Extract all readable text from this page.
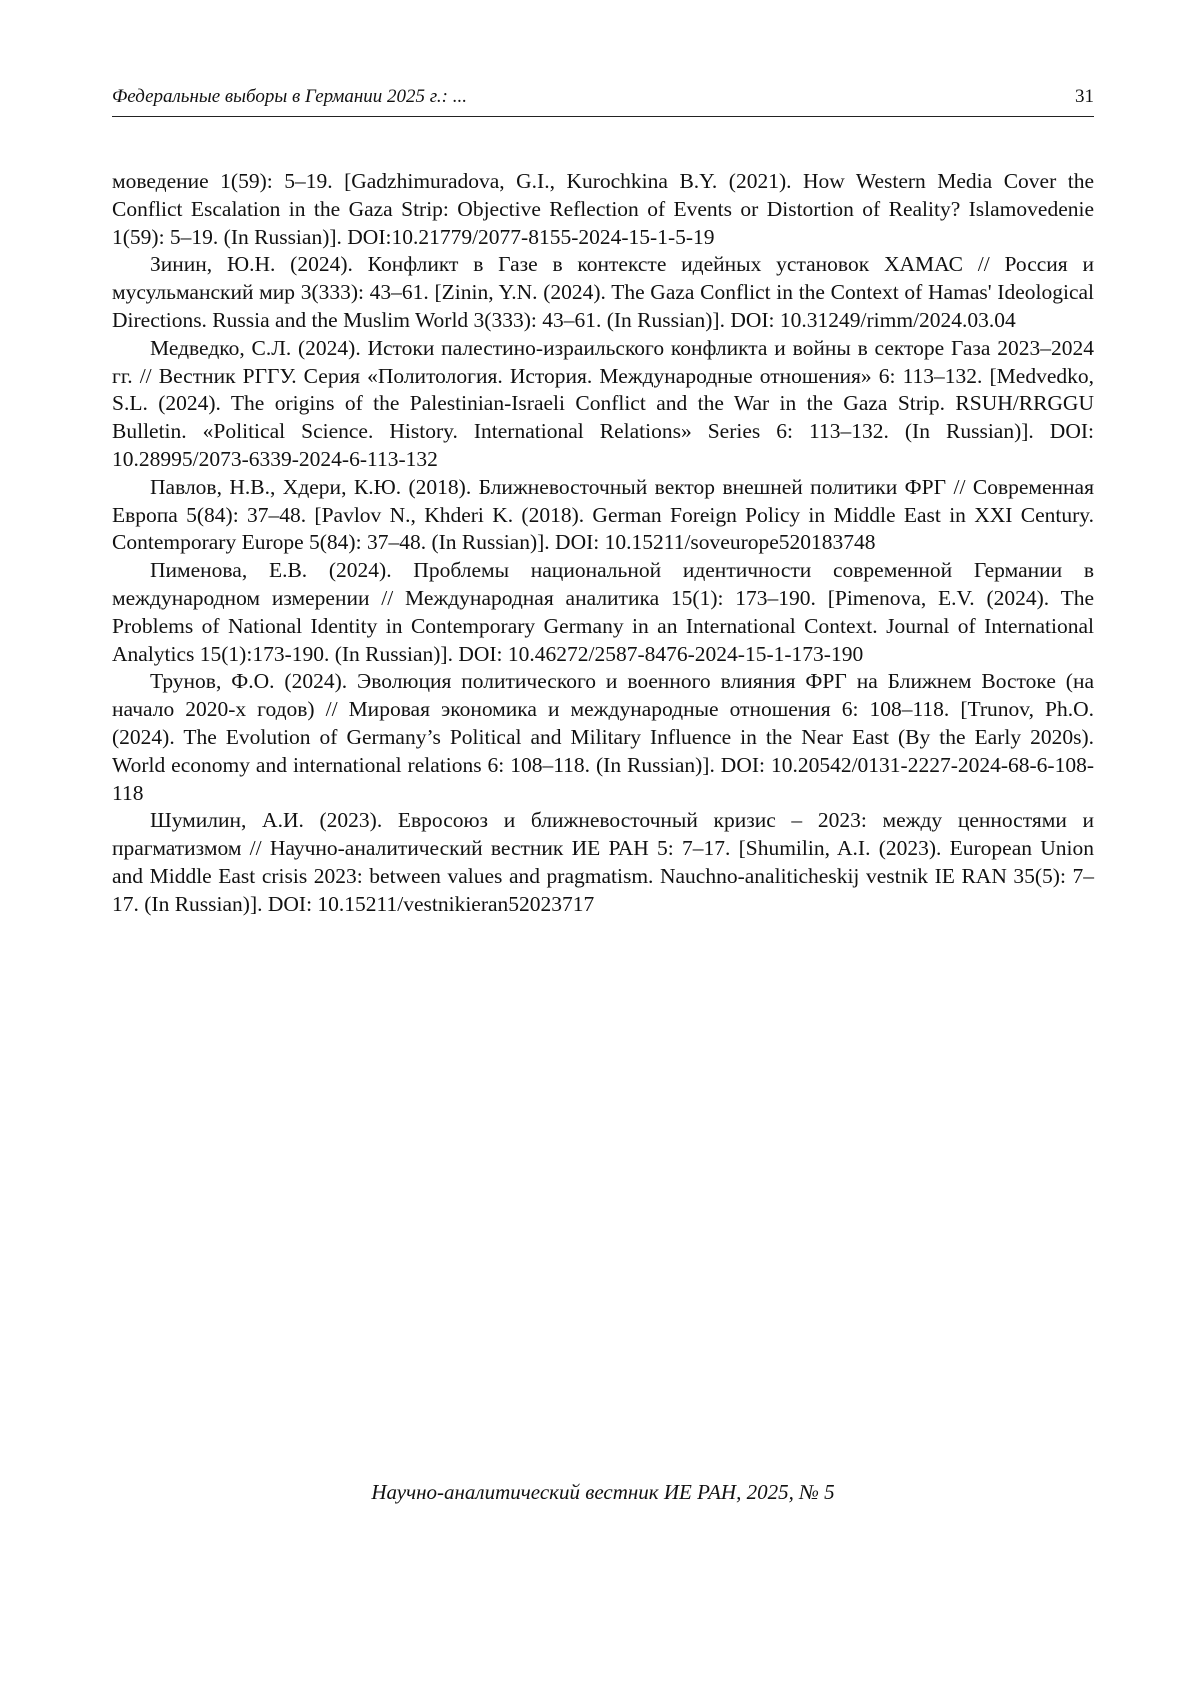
Федеральные выборы в Германии 2025 г.: ...	31

моведение 1(59): 5–19. [Gadzhimuradova, G.I., Kurochkina B.Y. (2021). How Western Media Cover the Conflict Escalation in the Gaza Strip: Objective Reflection of Events or Distortion of Reality? Islamovedenie 1(59): 5–19. (In Russian)]. DOI:10.21779/2077-8155-2024-15-1-5-19

Зинин, Ю.Н. (2024). Конфликт в Газе в контексте идейных установок ХАМАС // Россия и мусульманский мир 3(333): 43–61. [Zinin, Y.N. (2024). The Gaza Conflict in the Context of Hamas' Ideological Directions. Russia and the Muslim World 3(333): 43–61. (In Russian)]. DOI: 10.31249/rimm/2024.03.04

Медведко, С.Л. (2024). Истоки палестино-израильского конфликта и войны в секторе Газа 2023–2024 гг. // Вестник РГГУ. Серия «Политология. История. Международные отношения» 6: 113–132. [Medvedko, S.L. (2024). The origins of the Palestinian-Israeli Conflict and the War in the Gaza Strip. RSUH/RRGGU Bulletin. «Political Science. History. International Relations» Series 6: 113–132. (In Russian)]. DOI: 10.28995/2073-6339-2024-6-113-132

Павлов, Н.В., Хдери, К.Ю. (2018). Ближневосточный вектор внешней политики ФРГ // Современная Европа 5(84): 37–48. [Pavlov N., Khderi K. (2018). German Foreign Policy in Middle East in XXI Century. Contemporary Europe 5(84): 37–48. (In Russian)]. DOI: 10.15211/soveurope520183748

Пименова, Е.В. (2024). Проблемы национальной идентичности современной Германии в международном измерении // Международная аналитика 15(1): 173–190. [Pimenova, E.V. (2024). The Problems of National Identity in Contemporary Germany in an International Context. Journal of International Analytics 15(1):173-190. (In Russian)]. DOI: 10.46272/2587-8476-2024-15-1-173-190

Трунов, Ф.О. (2024). Эволюция политического и военного влияния ФРГ на Ближнем Востоке (на начало 2020-х годов) // Мировая экономика и международные отношения 6: 108–118. [Trunov, Ph.O. (2024). The Evolution of Germany’s Political and Military Influence in the Near East (By the Early 2020s). World economy and international relations 6: 108–118. (In Russian)]. DOI: 10.20542/0131-2227-2024-68-6-108-118

Шумилин, А.И. (2023). Евросоюз и ближневосточный кризис – 2023: между ценностями и прагматизмом // Научно-аналитический вестник ИЕ РАН 5: 7–17. [Shumilin, A.I. (2023). European Union and Middle East crisis 2023: between values and pragmatism. Nauchno-analiticheskij vestnik IE RAN 35(5): 7–17. (In Russian)]. DOI: 10.15211/vestnikieran52023717

Научно-аналитический вестник ИЕ РАН, 2025, № 5
